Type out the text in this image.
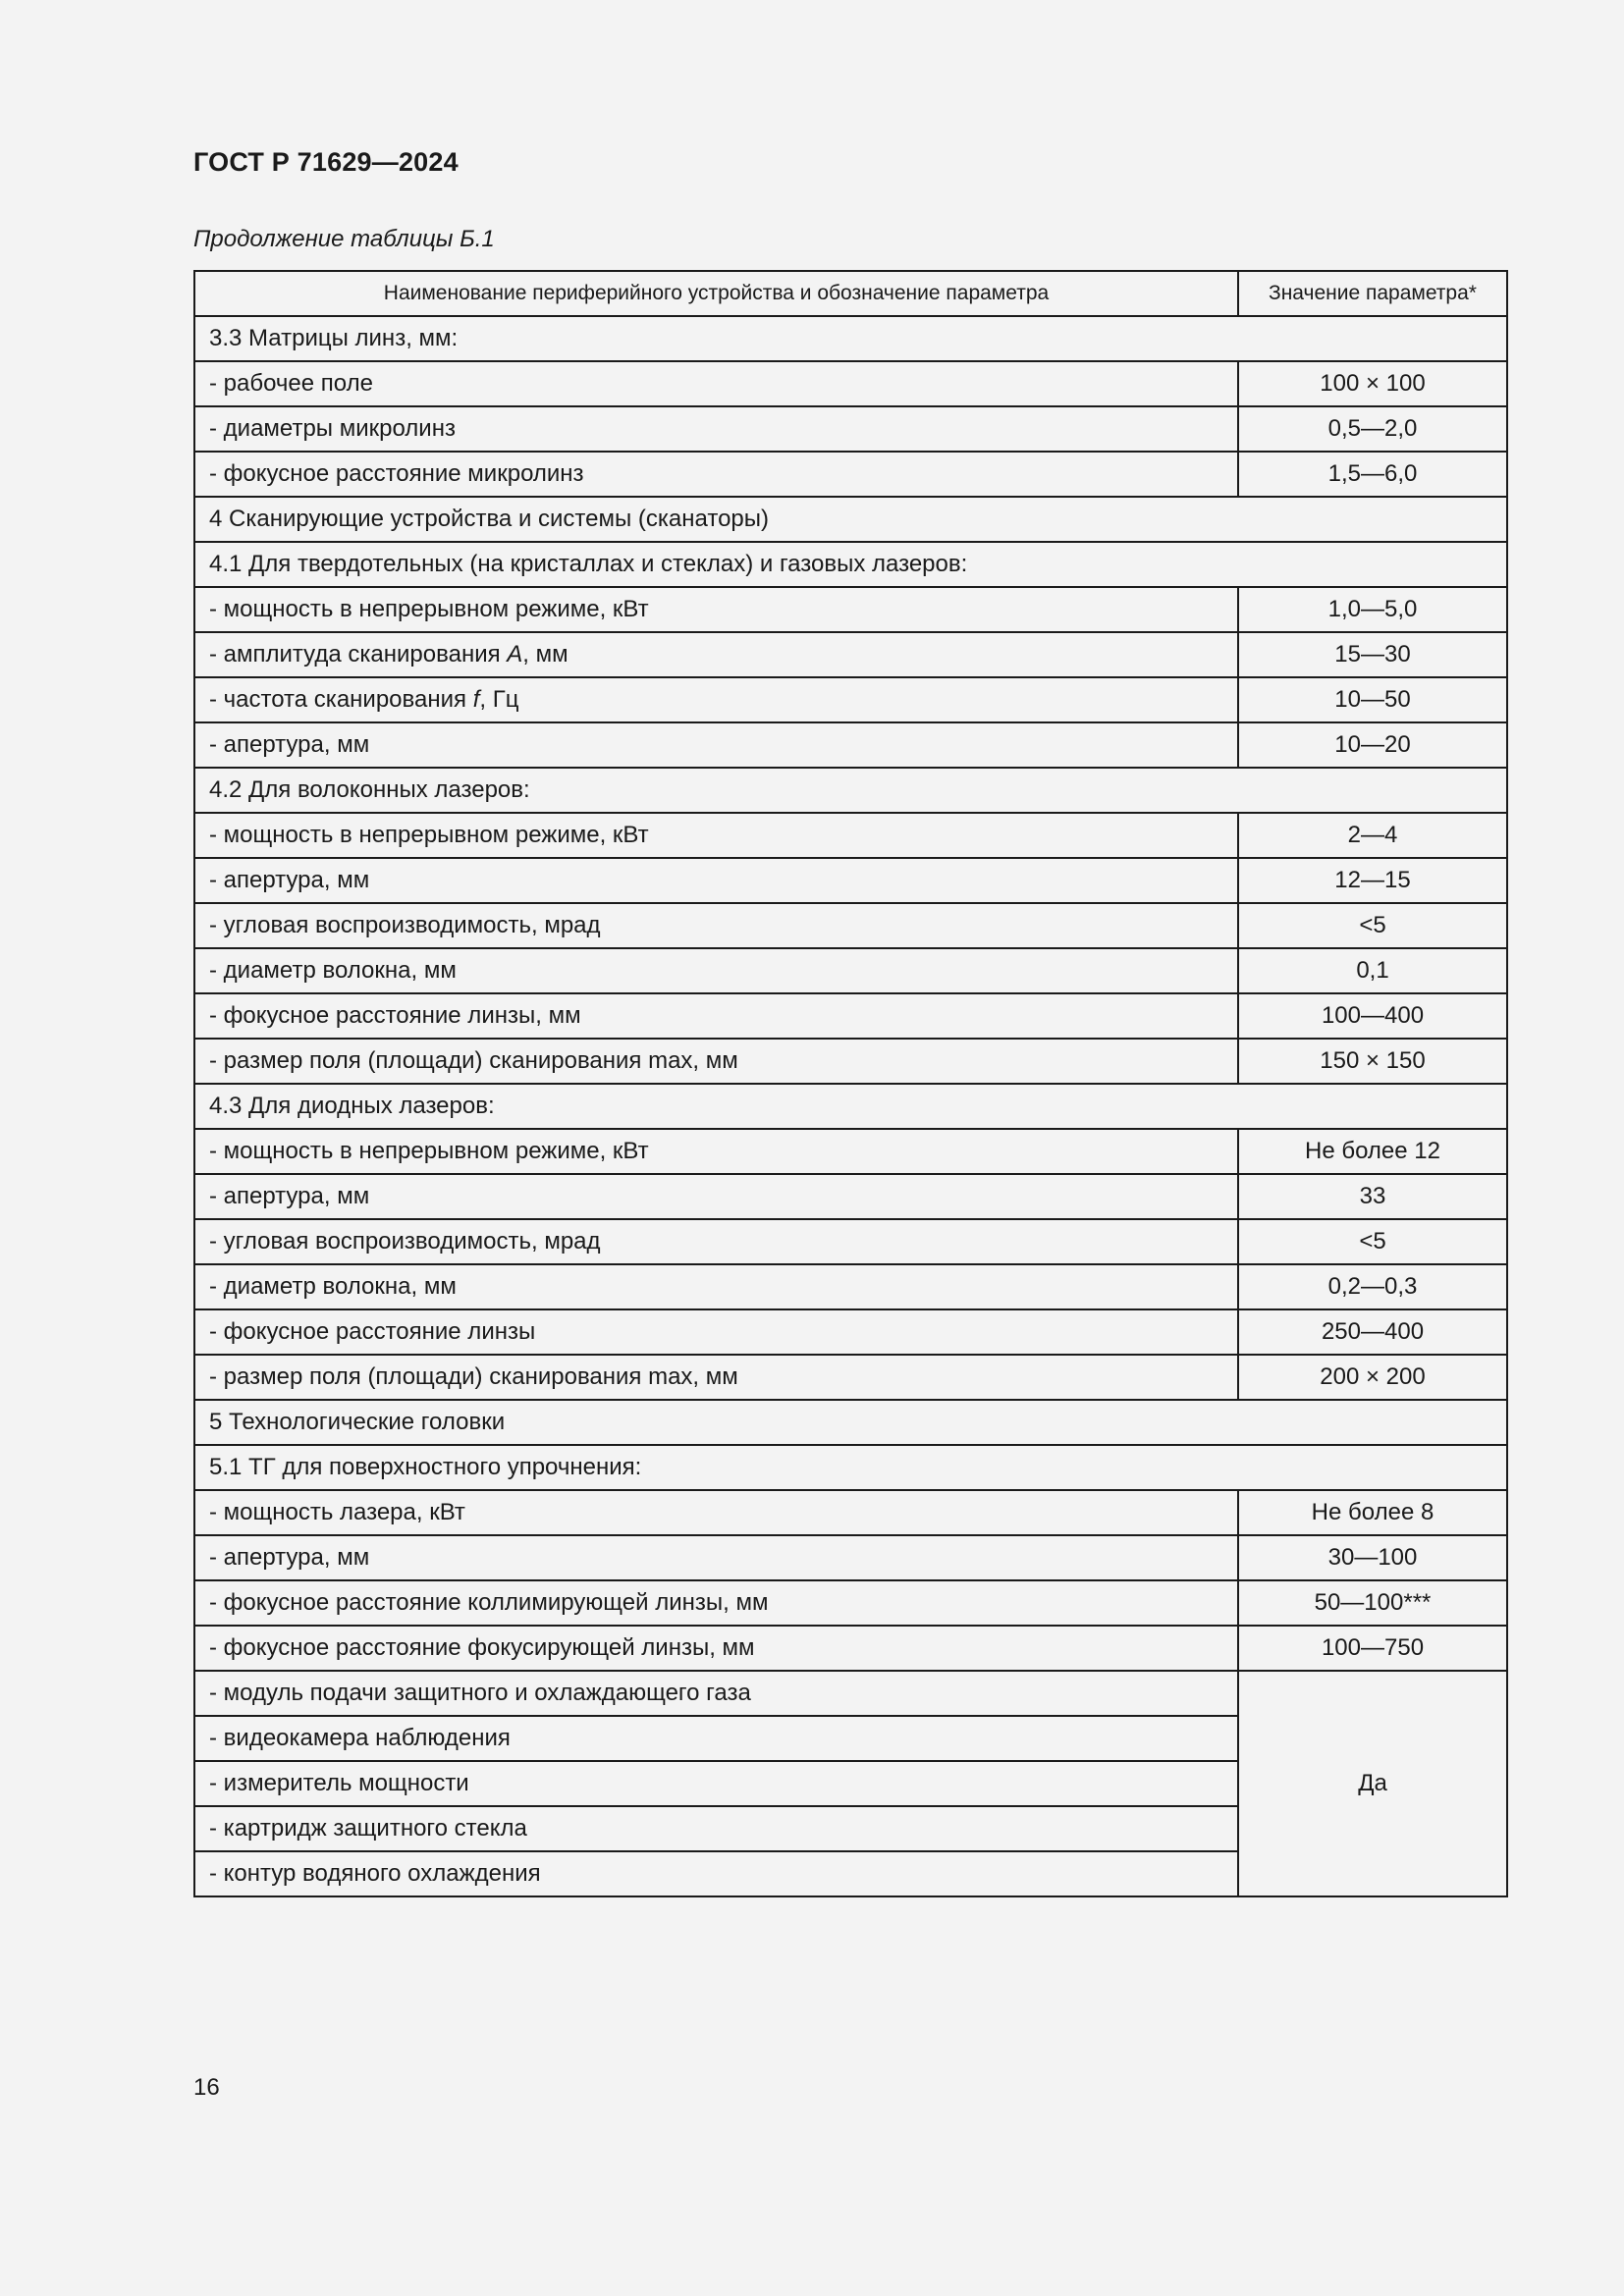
ГОСТ Р 71629—2024
Продолжение таблицы Б.1
Наименование периферийного устройства и обозначение параметра	Значение параметра*
3.3 Матрицы линз, мм:	
- рабочее поле	100 × 100
- диаметры микролинз	0,5—2,0
- фокусное расстояние микролинз	1,5—6,0
4 Сканирующие устройства и системы (сканаторы)	
4.1 Для твердотельных (на кристаллах и стеклах) и газовых лазеров:	
- мощность в непрерывном режиме, кВт	1,0—5,0
- амплитуда сканирования A, мм	15—30
- частота сканирования f, Гц	10—50
- апертура, мм	10—20
4.2 Для волоконных лазеров:	
- мощность в непрерывном режиме, кВт	2—4
- апертура, мм	12—15
- угловая воспроизводимость, мрад	<5
- диаметр волокна, мм	0,1
- фокусное расстояние линзы, мм	100—400
- размер поля (площади) сканирования max, мм	150 × 150
4.3 Для диодных лазеров:	
- мощность в непрерывном режиме, кВт	Не более 12
- апертура, мм	33
- угловая воспроизводимость, мрад	<5
- диаметр волокна, мм	0,2—0,3
- фокусное расстояние линзы	250—400
- размер поля (площади) сканирования max, мм	200 × 200
5 Технологические головки	
5.1 ТГ для поверхностного упрочнения:	
- мощность лазера, кВт	Не более 8
- апертура, мм	30—100
- фокусное расстояние коллимирующей линзы, мм	50—100***
- фокусное расстояние фокусирующей линзы, мм	100—750
- модуль подачи защитного и охлаждающего газа	Да
- видеокамера наблюдения	
- измеритель мощности	
- картридж защитного стекла	
- контур водяного охлаждения	
16
